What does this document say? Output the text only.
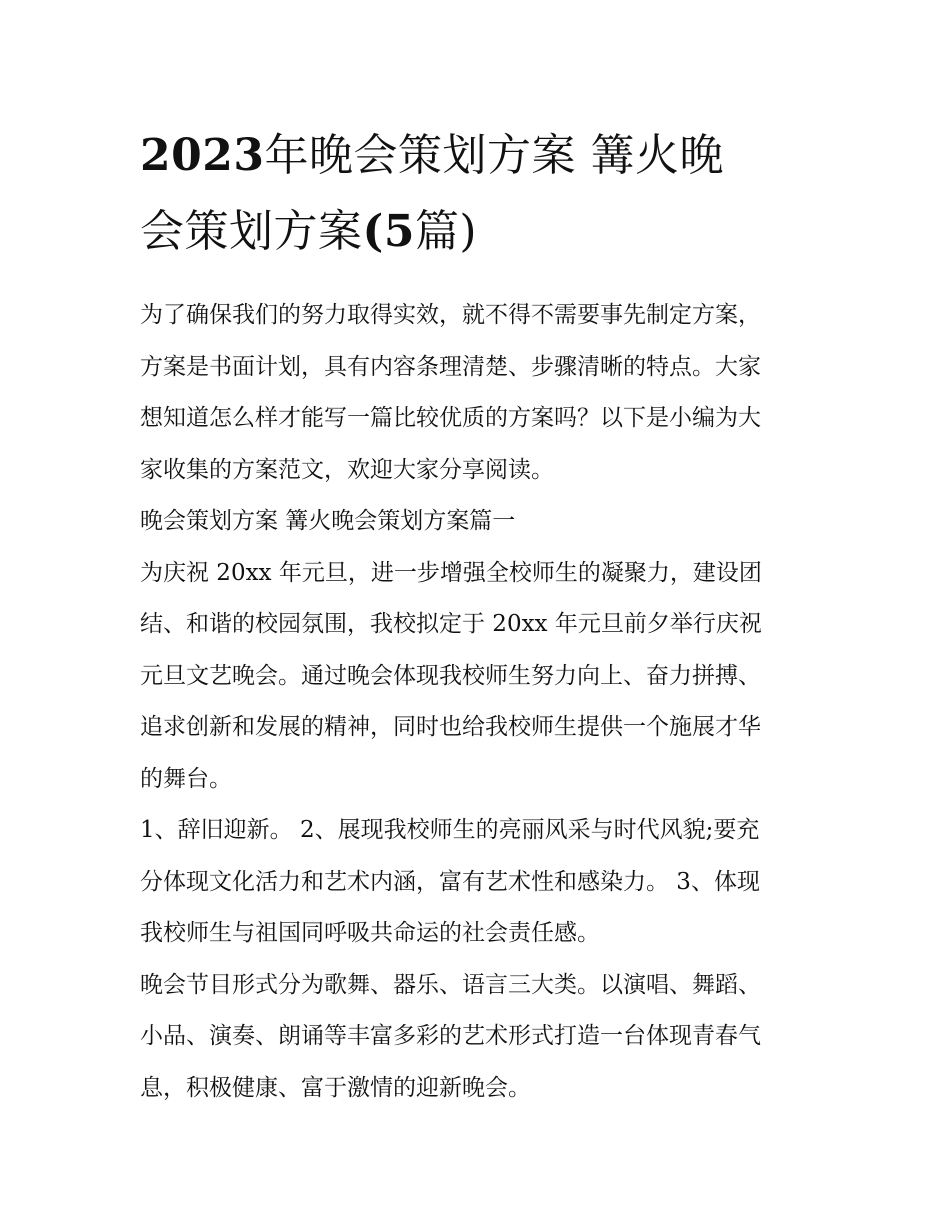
2023年晚会策划方案 篝火晚
会策划方案(5篇)

为了确保我们的努力取得实效，就不得不需要事先制定方案，
方案是书面计划，具有内容条理清楚、步骤清晰的特点。大家
想知道怎么样才能写一篇比较优质的方案吗？以下是小编为大
家收集的方案范文，欢迎大家分享阅读。

晚会策划方案 篝火晚会策划方案篇一

为庆祝 20xx 年元旦，进一步增强全校师生的凝聚力，建设团
结、和谐的校园氛围，我校拟定于 20xx 年元旦前夕举行庆祝
元旦文艺晚会。通过晚会体现我校师生努力向上、奋力拼搏、
追求创新和发展的精神，同时也给我校师生提供一个施展才华
的舞台。

1、辞旧迎新。 2、展现我校师生的亮丽风采与时代风貌;要充
分体现文化活力和艺术内涵，富有艺术性和感染力。 3、体现
我校师生与祖国同呼吸共命运的社会责任感。

晚会节目形式分为歌舞、器乐、语言三大类。以演唱、舞蹈、
小品、演奏、朗诵等丰富多彩的艺术形式打造一台体现青春气
息，积极健康、富于激情的迎新晚会。
